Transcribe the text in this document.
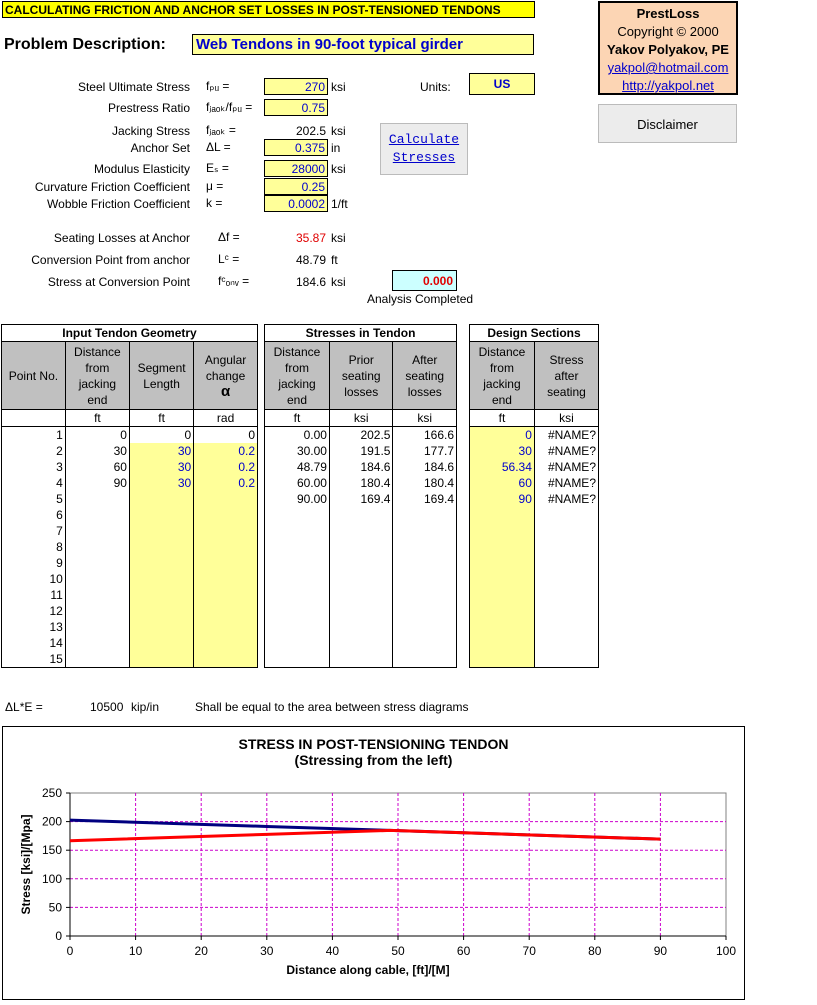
CALCULATING FRICTION AND ANCHOR SET LOSSES IN POST-TENSIONED TENDONS
Problem Description: Web Tendons in 90-foot typical girder
PrestLoss
Copyright © 2000
Yakov Polyakov, PE
yakpol@hotmail.com
http://yakpol.net
Disclaimer
Units:	US
Calculate
Stresses
Steel Ultimate Stress fₚᵤ =	270 ksi
Prestress Ratio fⱼₐₒₖ/fₚᵤ =	0.75
Jacking Stress fⱼₐₒₖ =	202.5 ksi
Anchor Set ΔL =	0.375 in
Modulus Elasticity Eₛ =	28000 ksi
Curvature Friction Coefficient μ =	0.25
Wobble Friction Coefficient k =	0.0002 1/ft
Seating Losses at Anchor Δf =	35.87 ksi
Conversion Point from anchor Lᶜ =	48.79 ft
Stress at Conversion Point fᶜₒₙᵥ =	184.6 ksi	0.000
Analysis Completed
Input Tendon Geometry			

Point No.	Distance from jacking end	Segment Length	Angular change
α

	ft	ft	rad
1	0	0	0
2	30	30	0.2
3	60	30	0.2
4	90	30	0.2
5			
6			
7			
8			
9			
10			
11			
12			
13			
14			
15			
Stresses in Tendon		

Distance from jacking end	Prior seating losses	After seating losses

ft	ksi	ksi
0.00	202.5	166.6
30.00	191.5	177.7
48.79	184.6	184.6
60.00	180.4	180.4
90.00	169.4	169.4

Design Sections	

Distance from jacking end	Stress after seating

ft	ksi
0	#NAME?
30	#NAME?
56.34	#NAME?
60	#NAME?
90	#NAME?

ΔL*E =	10500 kip/in	Shall be equal to the area between stress diagrams
STRESS IN POST-TENSIONING TENDON
(Stressing from the left)
0	10	20	30	40	50	60	70	80	90	100
0
50
100
150
200
250
Distance along cable, [ft]/[M]
Stress [ksi]/[Mpa]
